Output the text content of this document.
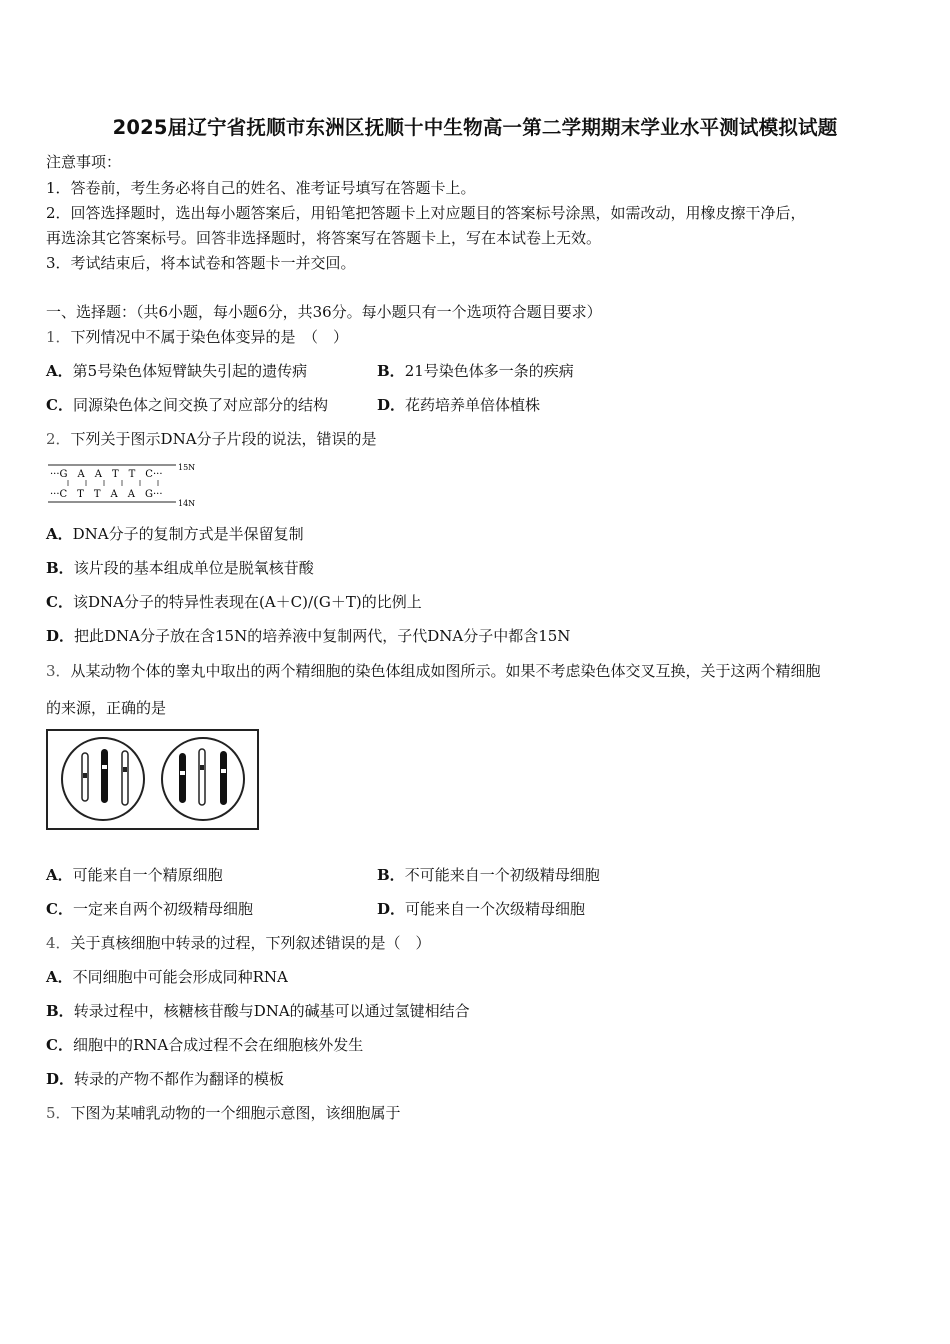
2025届辽宁省抚顺市东洲区抚顺十中生物高一第二学期期末学业水平测试模拟试题
注意事项：
1．答卷前，考生务必将自己的姓名、准考证号填写在答题卡上。
2．回答选择题时，选出每小题答案后，用铅笔把答题卡上对应题目的答案标号涂黑，如需改动，用橡皮擦干净后，
再选涂其它答案标号。回答非选择题时，将答案写在答题卡上，写在本试卷上无效。
3．考试结束后，将本试卷和答题卡一并交回。
一、选择题：（共6小题，每小题6分，共36分。每小题只有一个选项符合题目要求）
1．下列情况中不属于染色体变异的是　（　）
A．第5号染色体短臂缺失引起的遗传病	B．21号染色体多一条的疾病
C．同源染色体之间交换了对应部分的结构	D．花药培养单倍体植株
2．下列关于图示DNA分子片段的说法，错误的是
···G　A　A　T　T　C···
···C　T　T　A　A　G···
15N
14N
A．DNA分子的复制方式是半保留复制
B．该片段的基本组成单位是脱氧核苷酸
C．该DNA分子的特异性表现在(A＋C)/(G＋T)的比例上
D．把此DNA分子放在含15N的培养液中复制两代，子代DNA分子中都含15N
3．从某动物个体的睾丸中取出的两个精细胞的染色体组成如图所示。如果不考虑染色体交叉互换，关于这两个精细胞
的来源，正确的是
A．可能来自一个精原细胞	B．不可能来自一个初级精母细胞
C．一定来自两个初级精母细胞	D．可能来自一个次级精母细胞
4．关于真核细胞中转录的过程，下列叙述错误的是（　）
A．不同细胞中可能会形成同种RNA
B．转录过程中，核糖核苷酸与DNA的碱基可以通过氢键相结合
C．细胞中的RNA合成过程不会在细胞核外发生
D．转录的产物不都作为翻译的模板
5．下图为某哺乳动物的一个细胞示意图，该细胞属于
